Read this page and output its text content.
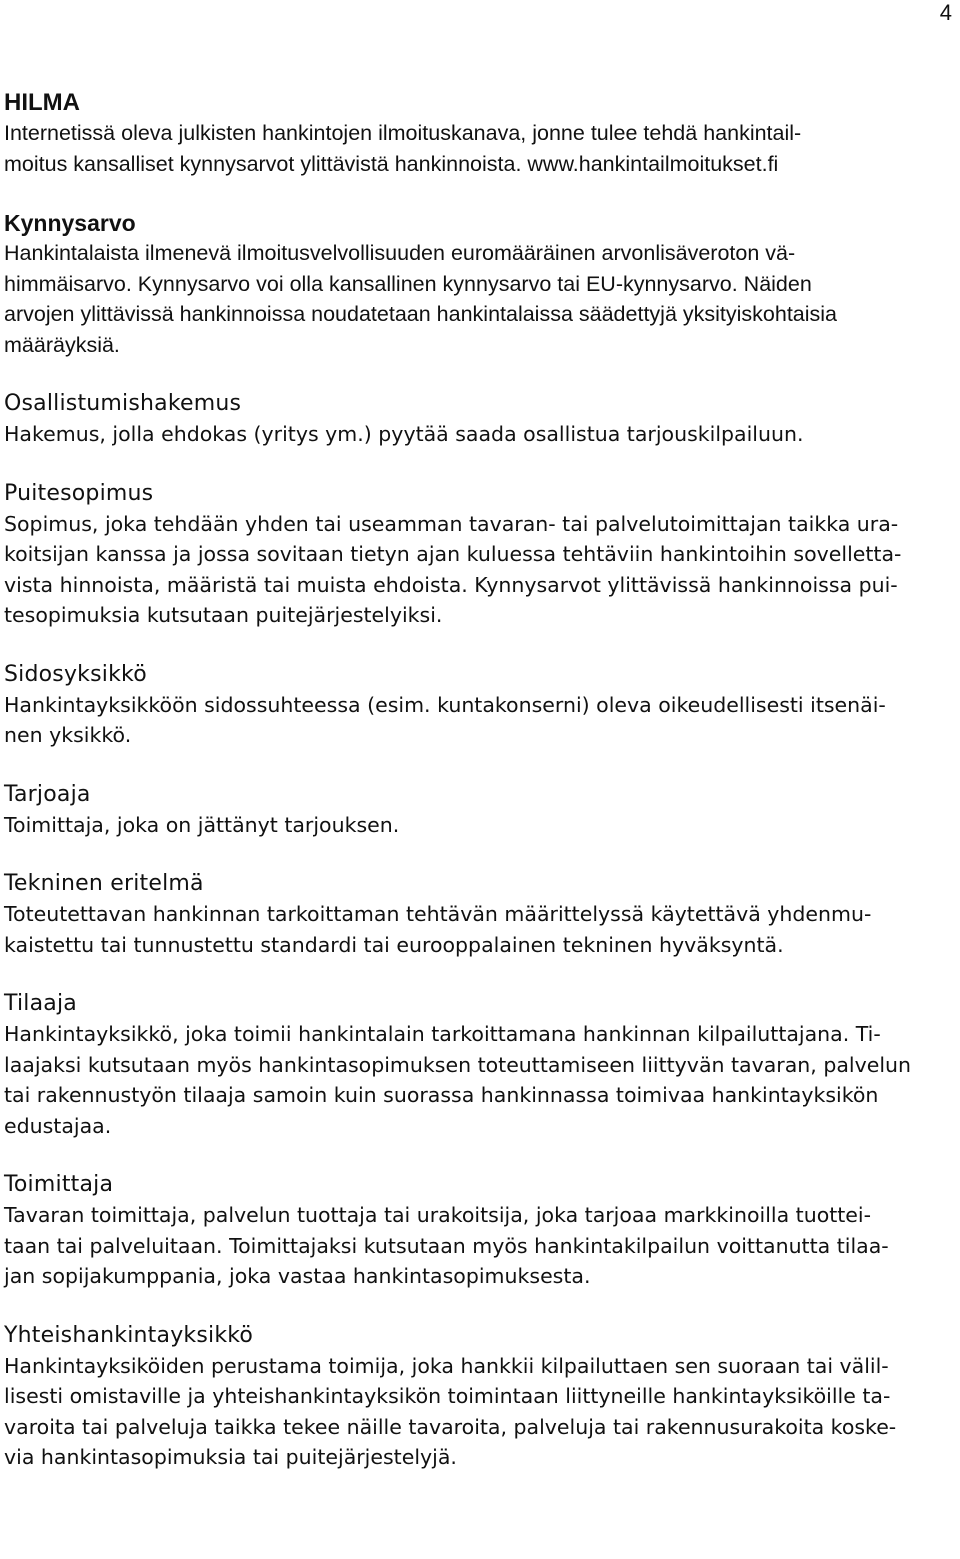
4

HILMA

Internetissä oleva julkisten hankintojen ilmoituskanava, jonne tulee tehdä hankintail-
moitus kansalliset kynnysarvot ylittävistä hankinnoista. www.hankintailmoitukset.fi

Kynnysarvo

Hankintalaista ilmenevä ilmoitusvelvollisuuden euromääräinen arvonlisäveroton vä-
himmäisarvo. Kynnysarvo voi olla kansallinen kynnysarvo tai EU-kynnysarvo. Näiden
arvojen ylittävissä hankinnoissa noudatetaan hankintalaissa säädettyjä yksityiskohtaisia
määräyksiä.

Osallistumishakemus

Hakemus, jolla ehdokas (yritys ym.) pyytää saada osallistua tarjouskilpailuun.

Puitesopimus

Sopimus, joka tehdään yhden tai useamman tavaran- tai palvelutoimittajan taikka ura-
koitsijan kanssa ja jossa sovitaan tietyn ajan kuluessa tehtäviin hankintoihin sovelletta-
vista hinnoista, määristä tai muista ehdoista. Kynnysarvot ylittävissä hankinnoissa pui-
tesopimuksia kutsutaan puitejärjestelyiksi.

Sidosyksikkö

Hankintayksikköön sidossuhteessa (esim. kuntakonserni) oleva oikeudellisesti itsenäi-
nen yksikkö.

Tarjoaja

Toimittaja, joka on jättänyt tarjouksen.

Tekninen eritelmä

Toteutettavan hankinnan tarkoittaman tehtävän määrittelyssä käytettävä yhdenmu-
kaistettu tai tunnustettu standardi tai eurooppalainen tekninen hyväksyntä.

Tilaaja

Hankintayksikkö, joka toimii hankintalain tarkoittamana hankinnan kilpailuttajana. Ti-
laajaksi kutsutaan myös hankintasopimuksen toteuttamiseen liittyvän tavaran, palvelun
tai rakennustyön tilaaja samoin kuin suorassa hankinnassa toimivaa hankintayksikön
edustajaa.

Toimittaja

Tavaran toimittaja, palvelun tuottaja tai urakoitsija, joka tarjoaa markkinoilla tuottei-
taan tai palveluitaan. Toimittajaksi kutsutaan myös hankintakilpailun voittanutta tilaa-
jan sopijakumppania, joka vastaa hankintasopimuksesta.

Yhteishankintayksikkö

Hankintayksiköiden perustama toimija, joka hankkii kilpailuttaen sen suoraan tai välil-
lisesti omistaville ja yhteishankintayksikön toimintaan liittyneille hankintayksiköille ta-
varoita tai palveluja taikka tekee näille tavaroita, palveluja tai rakennusurakoita koske-
via hankintasopimuksia tai puitejärjestelyjä.
